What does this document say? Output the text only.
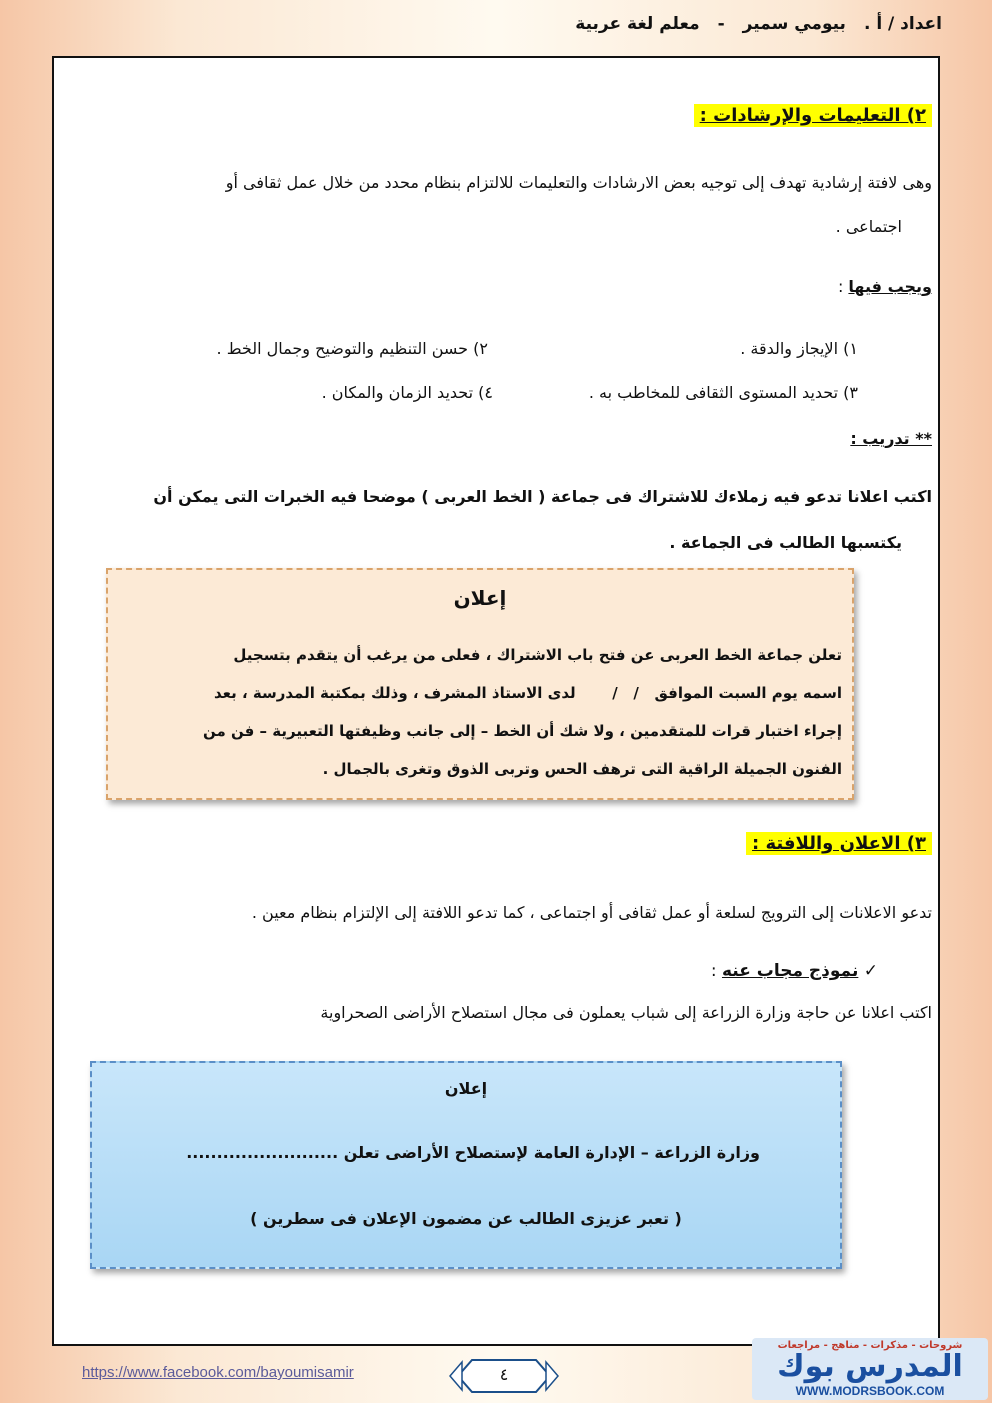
اعداد / أ .بيومي سمير-معلم لغة عربية
٢) التعليمات والإرشادات :
وهى لافتة إرشادية تهدف إلى توجيه بعض الارشادات والتعليمات للالتزام بنظام محدد من خلال عمل ثقافى أو
اجتماعى .
ويجب فيها :
١) الإيجاز والدقة .
٢) حسن التنظيم والتوضيح وجمال الخط .
٣) تحديد المستوى الثقافى للمخاطب به .
٤) تحديد الزمان والمكان .
** تدريب :
اكتب اعلانا تدعو فيه زملاءك للاشتراك فى جماعة ( الخط العربى ) موضحا فيه الخبرات التى يمكن أن
يكتسبها الطالب فى الجماعة .
إعلان
تعلن جماعة الخط العربى عن فتح باب الاشتراك ، فعلى من يرغب أن يتقدم بتسجيل
اسمه يوم السبت الموافق   /   /       لدى الاستاذ المشرف ، وذلك بمكتبة المدرسة ، بعد
إجراء اختبار قرات للمتقدمين ، ولا شك أن الخط – إلى جانب وظيفتها التعبيرية – فن من
الفنون الجميلة الراقية التى ترهف الحس وتربى الذوق وتغرى بالجمال .
٣) الاعلان واللافتة :
تدعو الاعلانات إلى الترويج لسلعة أو عمل ثقافى أو اجتماعى ، كما تدعو اللافتة إلى الإلتزام بنظام معين .
✓ نموذج مجاب عنه :
اكتب اعلانا عن حاجة وزارة الزراعة إلى شباب يعملون فى مجال استصلاح الأراضى الصحراوية
إعلان
وزارة الزراعة – الإدارة العامة لإستصلاح الأراضى تعلن .........................
( تعبر عزيزى الطالب عن مضمون الإعلان فى سطرين )
https://www.facebook.com/bayoumisamir	٤
شروحات - مذكرات - مناهج - مراجعات
المدرس بوك
WWW.MODRSBOOK.COM
